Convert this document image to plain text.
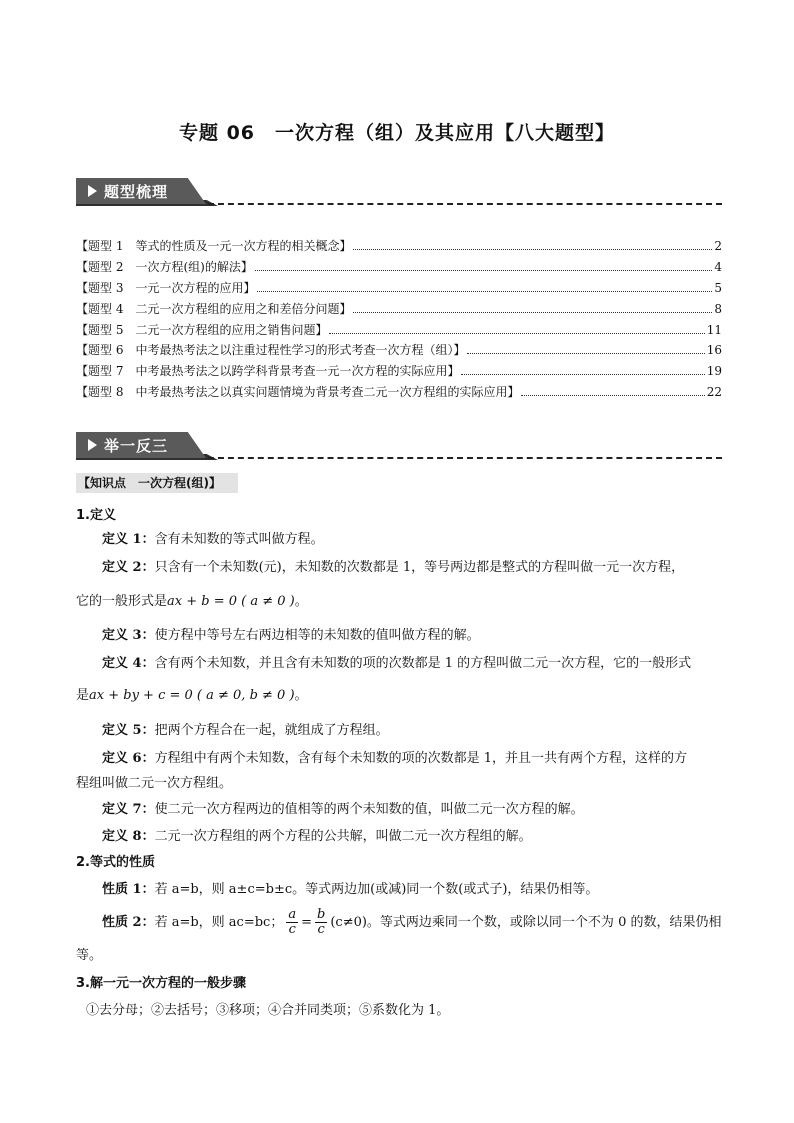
专题 06　一次方程（组）及其应用【八大题型】
题型梳理
【题型 1　等式的性质及一元一次方程的相关概念】	2
【题型 2　一次方程(组)的解法】	4
【题型 3　一元一次方程的应用】	5
【题型 4　二元一次方程组的应用之和差倍分问题】	8
【题型 5　二元一次方程组的应用之销售问题】	11
【题型 6　中考最热考法之以注重过程性学习的形式考查一次方程（组）】	16
【题型 7　中考最热考法之以跨学科背景考查一元一次方程的实际应用】	19
【题型 8　中考最热考法之以真实问题情境为背景考查二元一次方程组的实际应用】	22
举一反三
【知识点　一次方程(组)】
1.定义
定义 1：含有未知数的等式叫做方程。
定义 2：只含有一个未知数(元)，未知数的次数都是 1，等号两边都是整式的方程叫做一元一次方程，
它的一般形式是ax + b = 0 ( a ≠ 0 )。
定义 3：使方程中等号左右两边相等的未知数的值叫做方程的解。
定义 4：含有两个未知数，并且含有未知数的项的次数都是 1 的方程叫做二元一次方程，它的一般形式
是ax + by + c = 0 ( a ≠ 0, b ≠ 0 )。
定义 5：把两个方程合在一起，就组成了方程组。
定义 6：方程组中有两个未知数，含有每个未知数的项的次数都是 1，并且一共有两个方程，这样的方
程组叫做二元一次方程组。
定义 7：使二元一次方程两边的值相等的两个未知数的值，叫做二元一次方程的解。
定义 8：二元一次方程组的两个方程的公共解，叫做二元一次方程组的解。
2.等式的性质
性质 1：若 a=b，则 a±c=b±c。等式两边加(或减)同一个数(或式子)，结果仍相等。
性质 2：若 a=b，则 ac=bc； $\frac{a}{c} = \frac{b}{c} (c\ne 0)$。等式两边乘同一个数，或除以同一个不为 0 的数，结果仍相
等。
3.解一元一次方程的一般步骤
①去分母；②去括号；③移项；④合并同类项；⑤系数化为 1。
